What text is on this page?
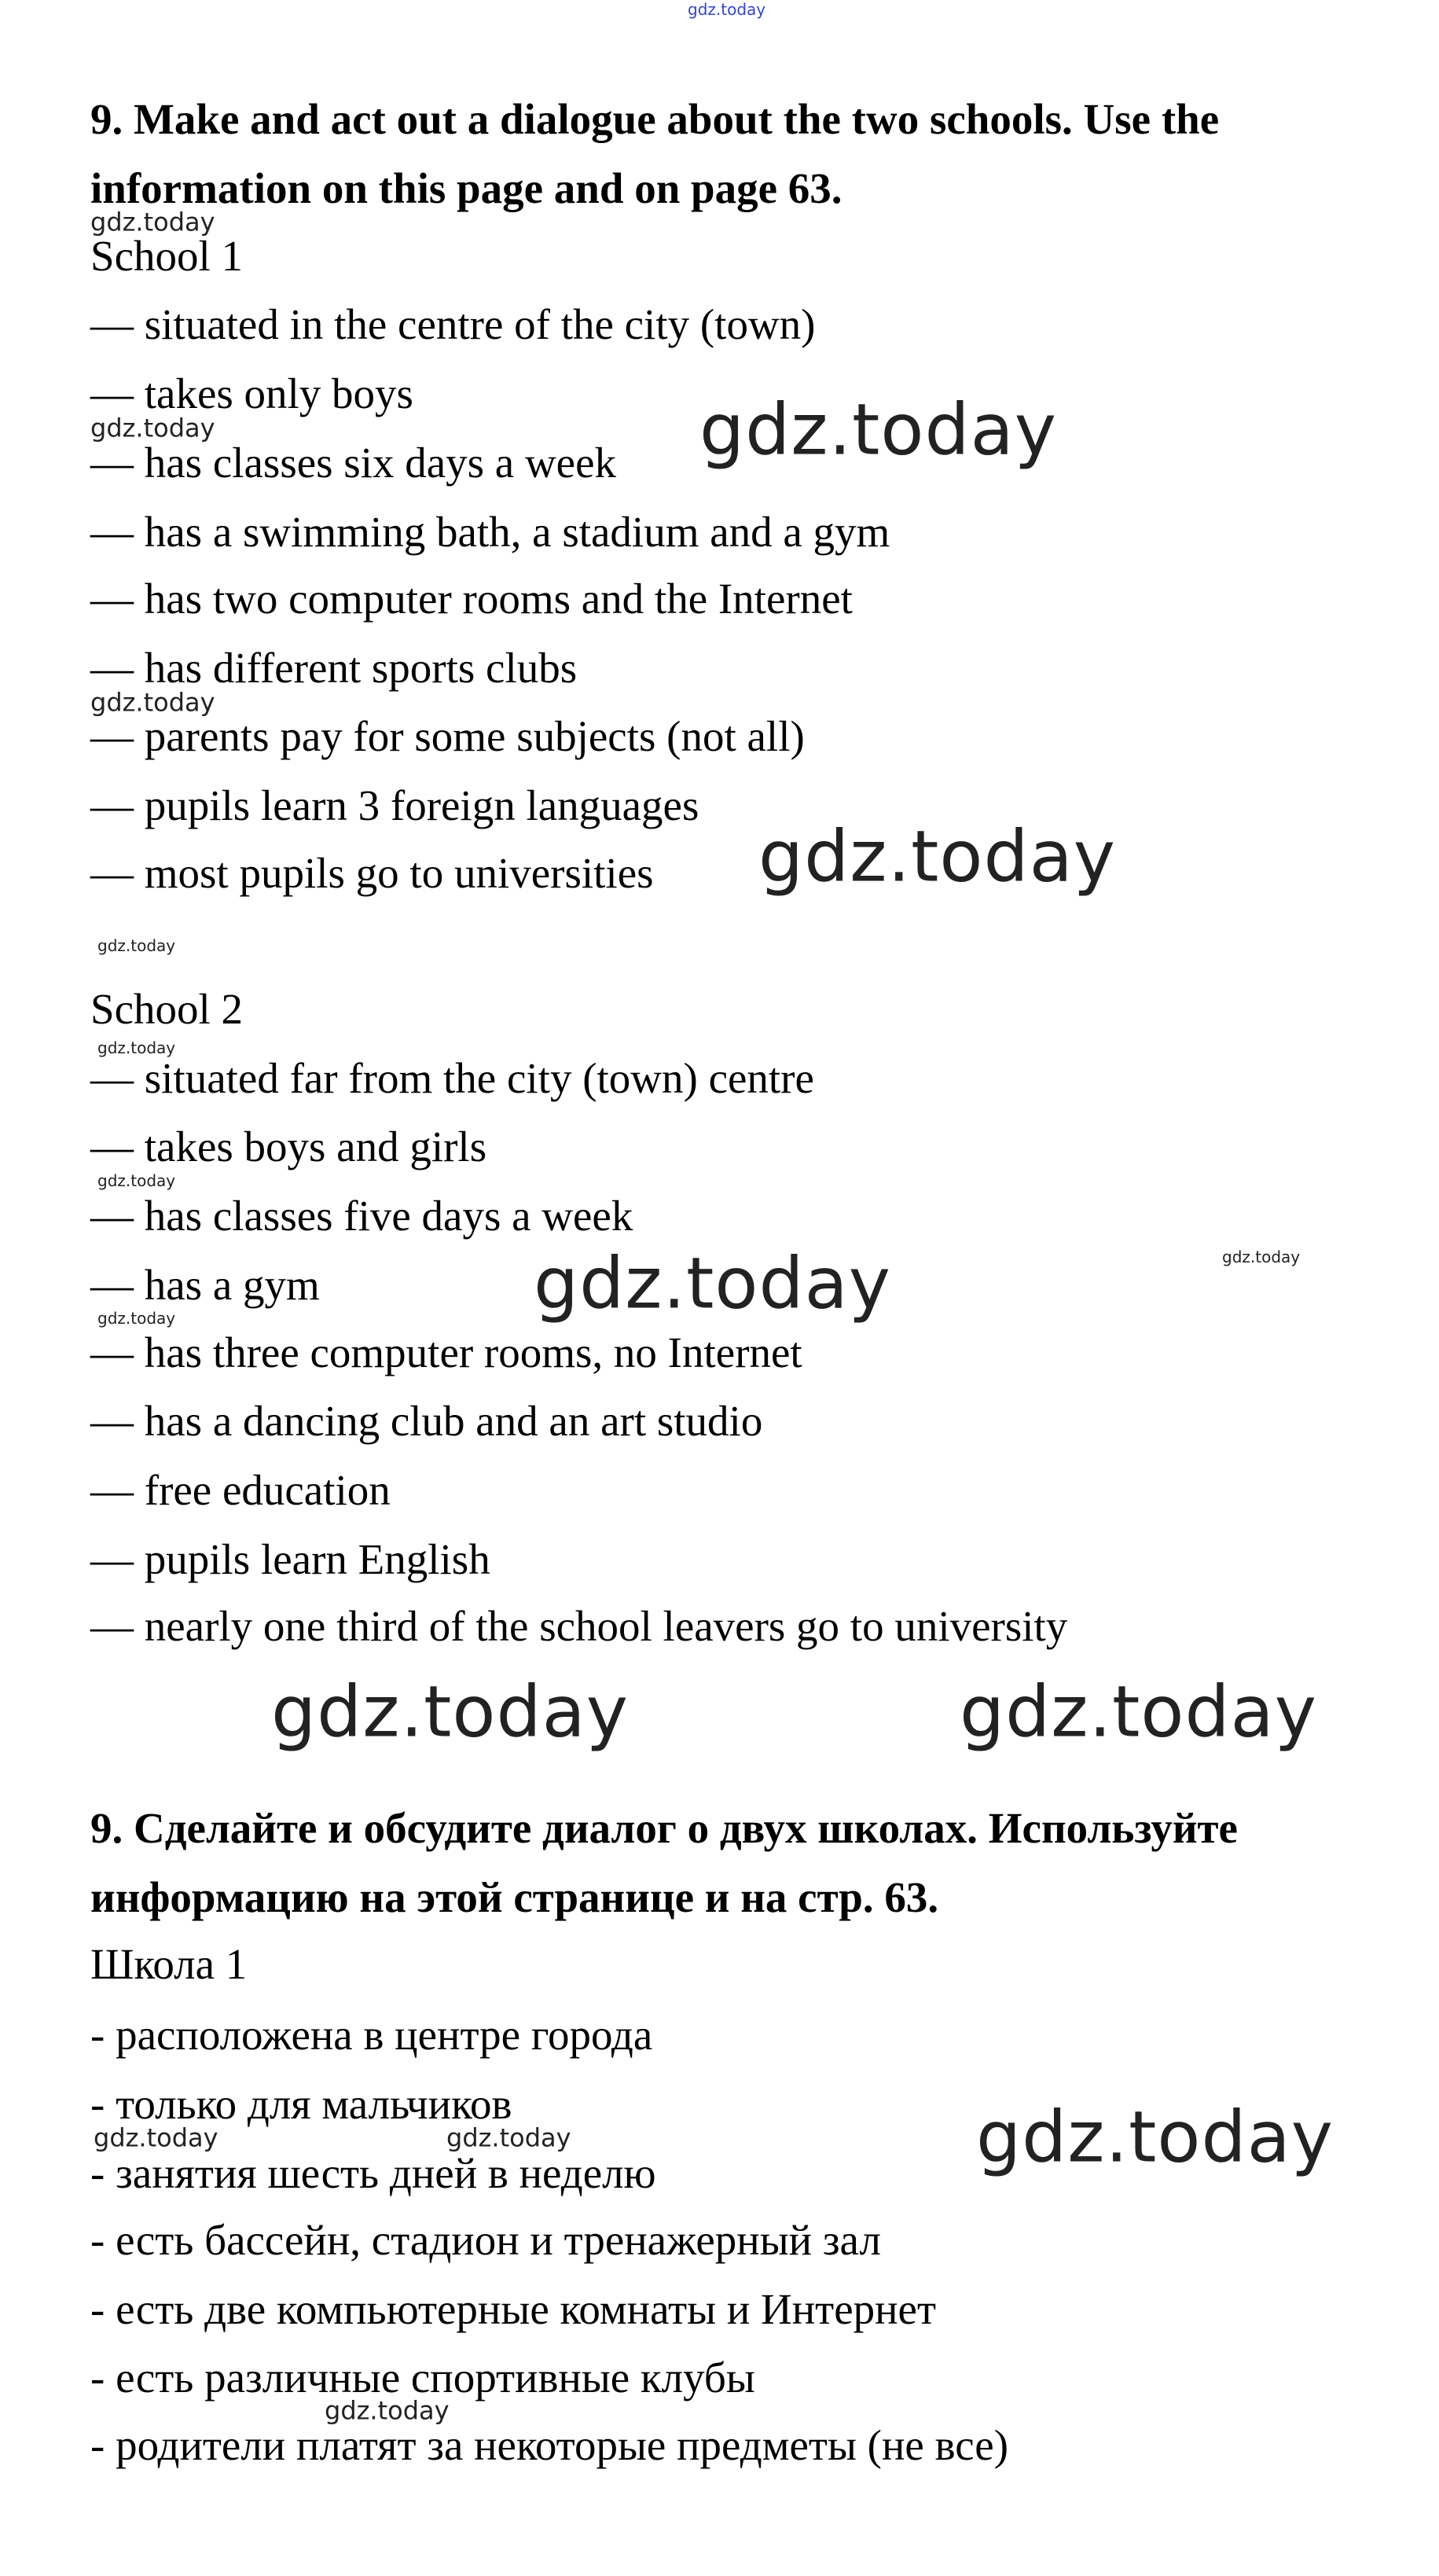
9. Make and act out a dialogue about the two schools. Use the
information on this page and on page 63.
School 1
— situated in the centre of the city (town)
— takes only boys
— has classes six days a week
— has a swimming bath, a stadium and a gym
— has two computer rooms and the Internet
— has different sports clubs
— parents pay for some subjects (not all)
— pupils learn 3 foreign languages
— most pupils go to universities
School 2
— situated far from the city (town) centre
— takes boys and girls
— has classes five days a week
— has a gym
— has three computer rooms, no Internet
— has a dancing club and an art studio
— free education
— pupils learn English
— nearly one third of the school leavers go to university
9. Сделайте и обсудите диалог о двух школах. Используйте
информацию на этой странице и на стр. 63.
Школа 1
- расположена в центре города
- только для мальчиков
- занятия шесть дней в неделю
- есть бассейн, стадион и тренажерный зал
- есть две компьютерные комнаты и Интернет
- есть различные спортивные клубы
- родители платят за некоторые предметы (не все)
gdz.today
gdz.today
gdz.today
gdz.today
gdz.today
gdz.today
gdz.today
gdz.today
gdz.today
gdz.today
gdz.today
gdz.today
gdz.today	gdz.today
gdz.today
gdz.today	gdz.today
gdz.today
